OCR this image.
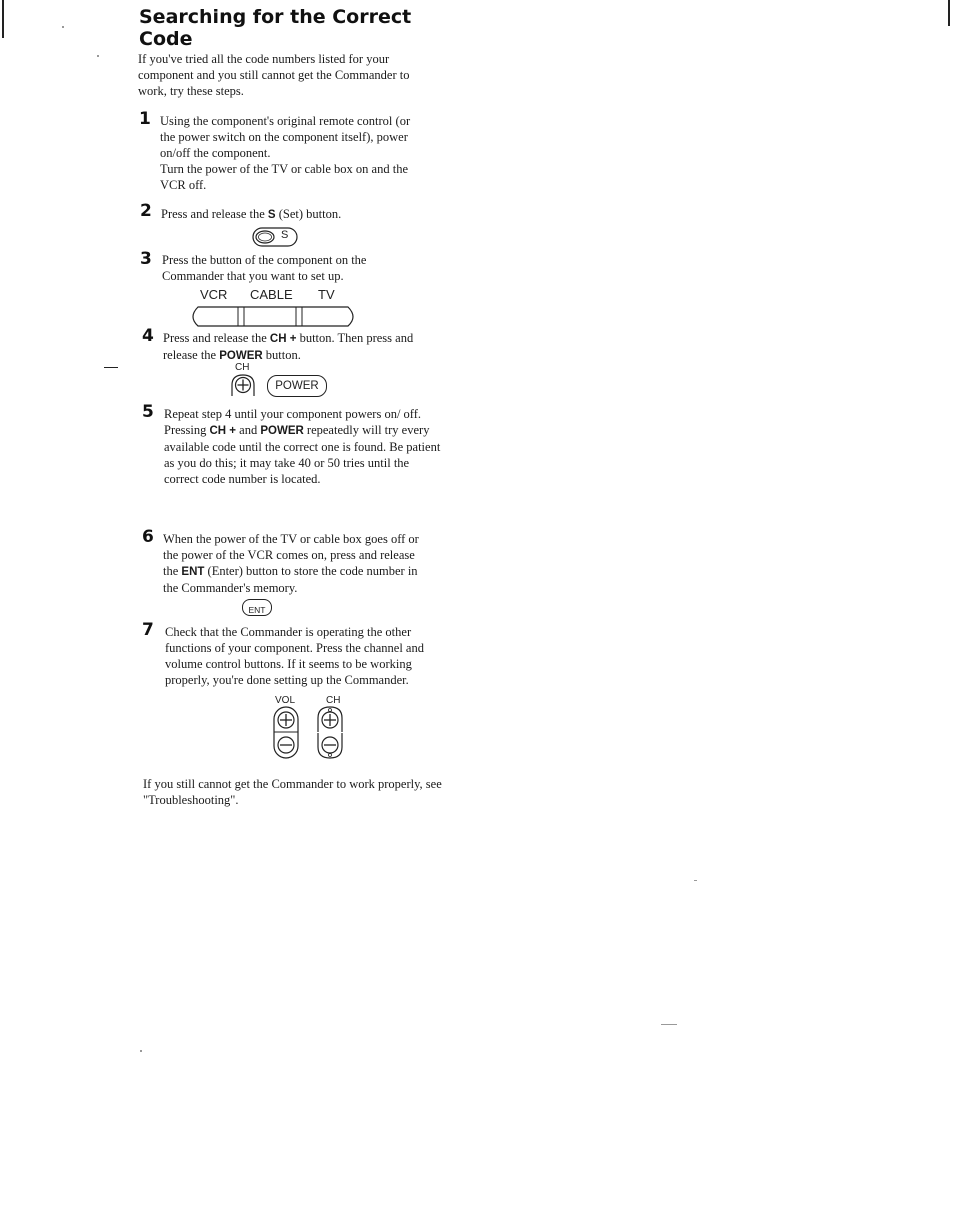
Searching for the Correct
Code
If you've tried all the code numbers listed for your component and you still cannot get the Commander to work, try these steps.
1 Using the component's original remote control (or the power switch on the component itself), power on/off the component.

Turn the power of the TV or cable box on and the VCR off.

2 Press and release the S (Set) button.
S
3 Press the button of the component on the Commander that you want to set up.

VCR CABLE TV
4 Press and release the CH + button. Then press and release the POWER button.
CH
POWER
5 Repeat step 4 until your component powers on/ off.

Pressing CH + and POWER repeatedly will try every available code until the correct one is found. Be patient as you do this; it may take 40 or 50 tries until the correct code number is located.

6 When the power of the TV or cable box goes off or the power of the VCR comes on, press and release the ENT (Enter) button to store the code number in the Commander's memory.
ENT
7 Check that the Commander is operating the other functions of your component. Press the channel and volume control buttons. If it seems to be working properly, you're done setting up the Commander.
VOL	CH
If you still cannot get the Commander to work properly, see "Troubleshooting".
